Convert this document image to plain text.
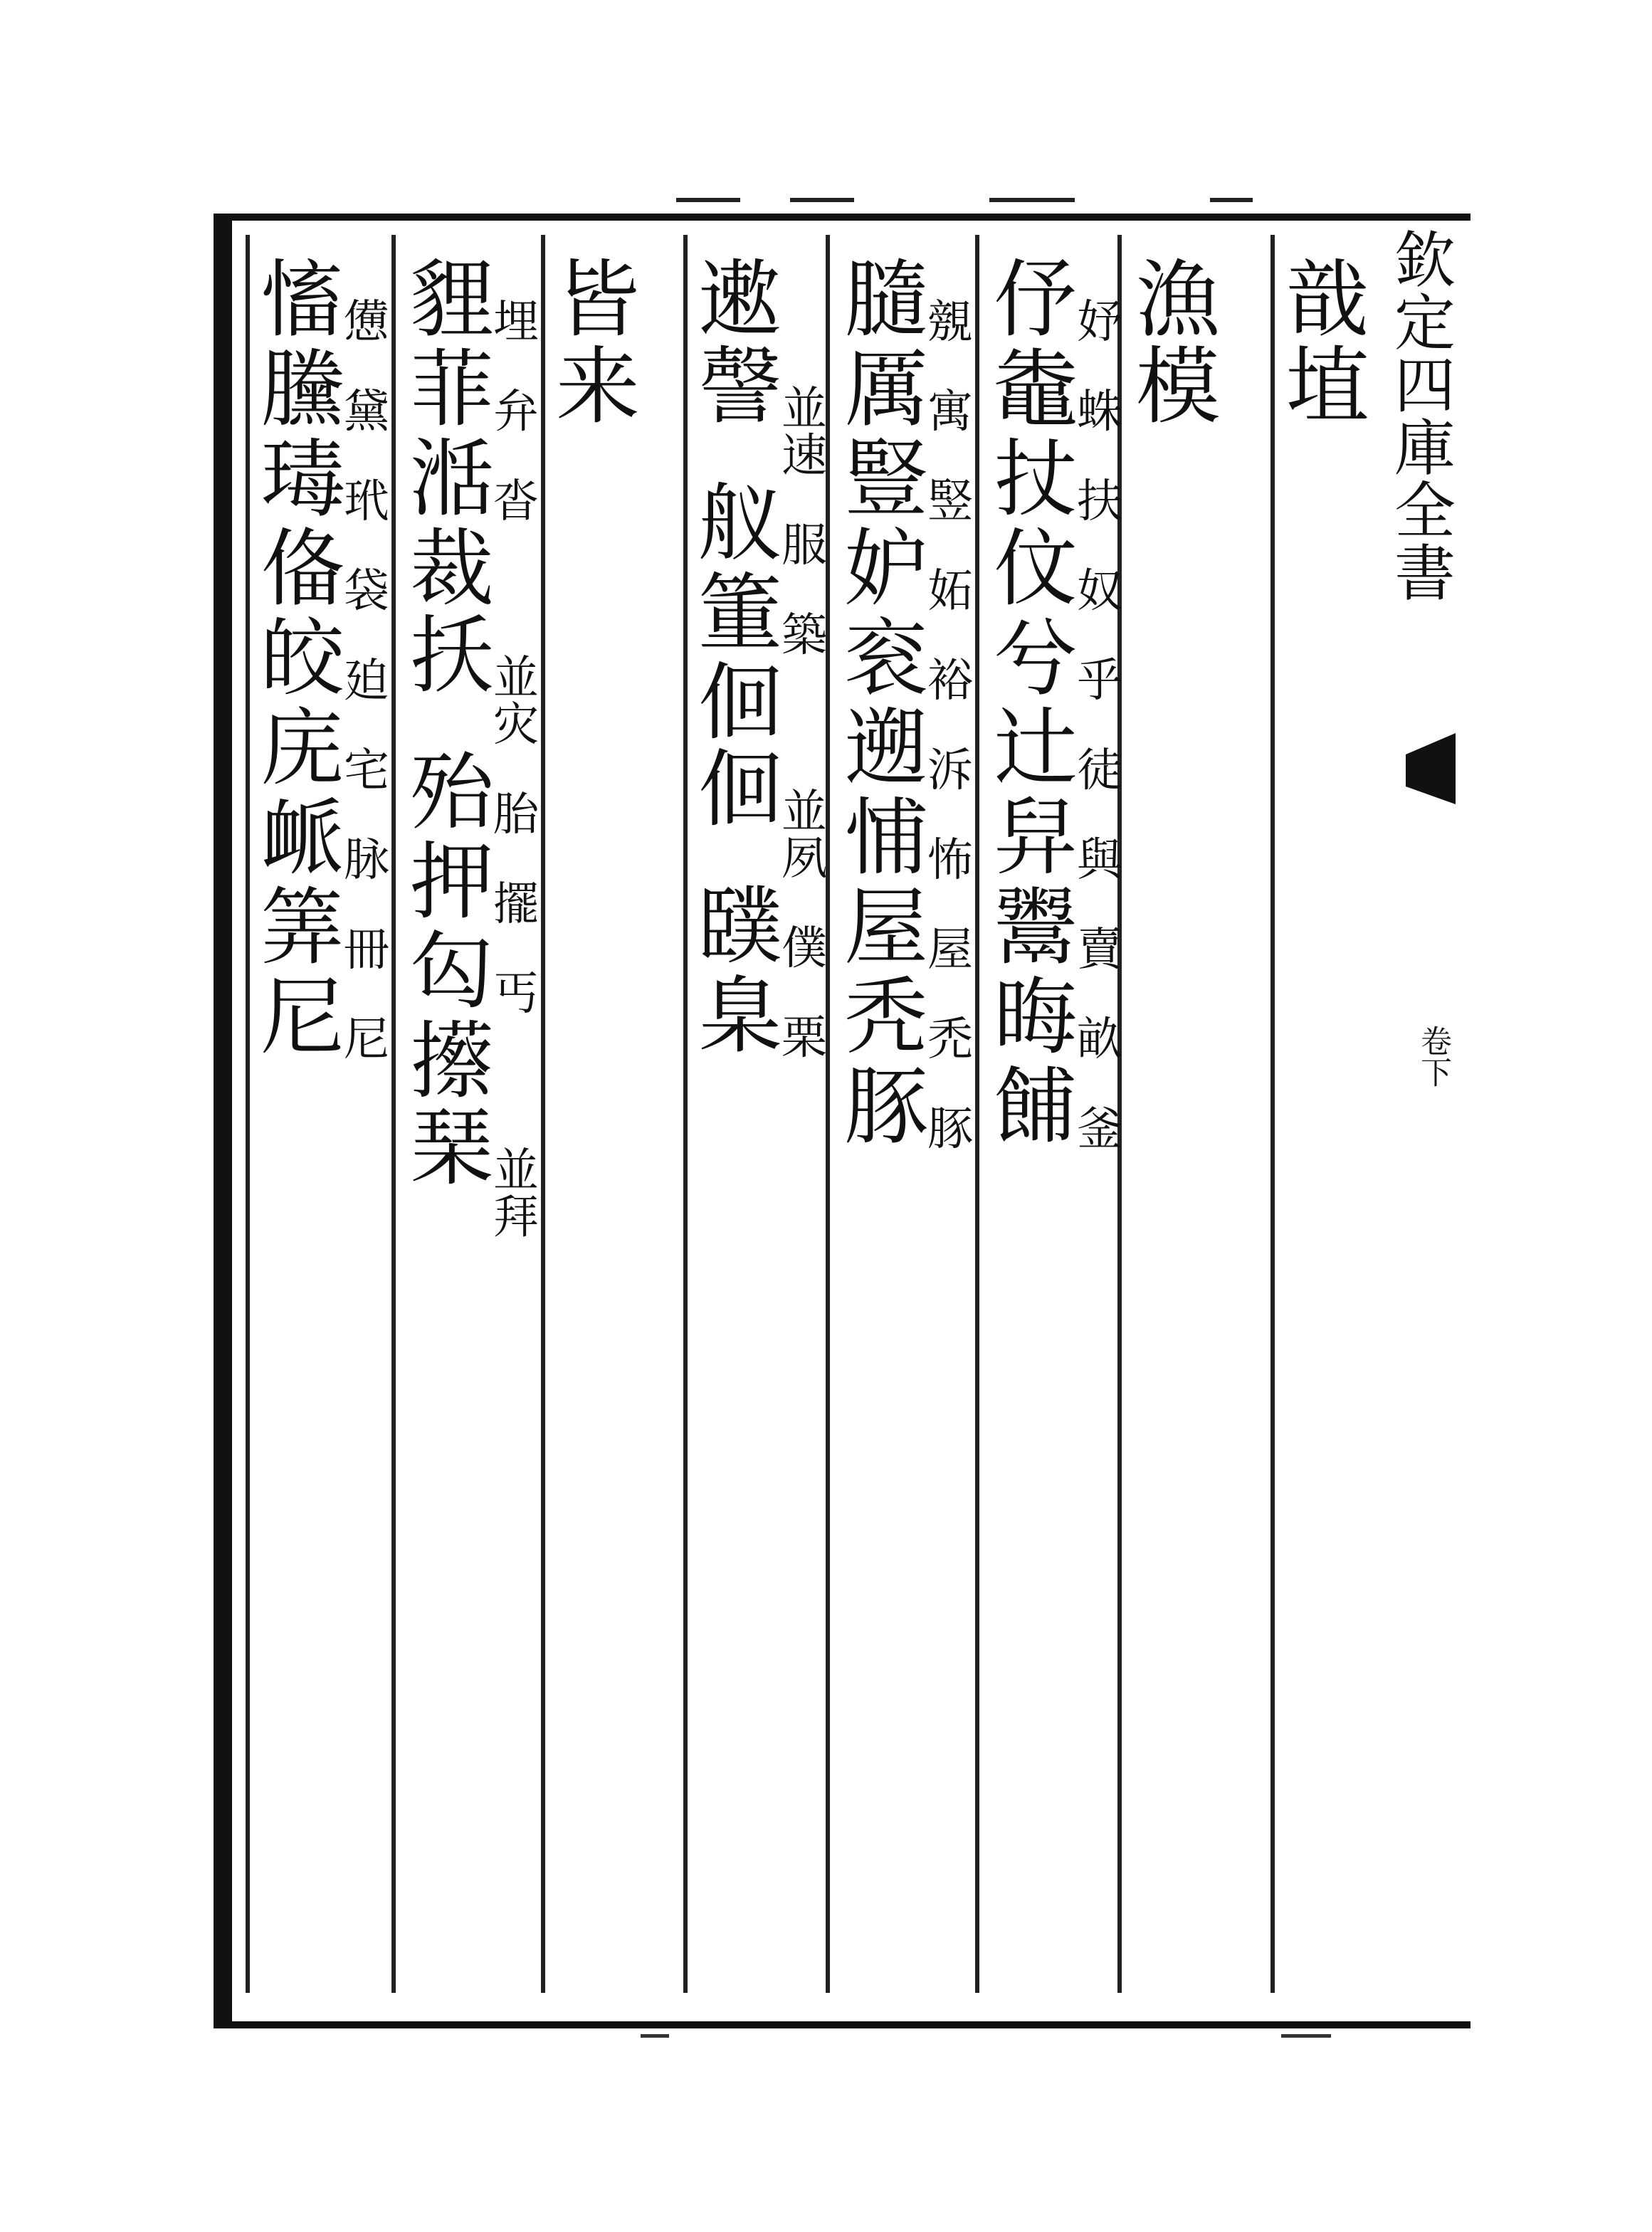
欽定四庫全書
卷下
戠
埴
漁
模
伃 妤
鼄 蛛
扙 扶
伩 奴
兮 乎
辻 徒
舁 與
鬻 賣
晦 畝
餔 釜
膸 覫
厲 寓
豎 竪
妒 妬
衮 裕
遡 泝
悑 怖
屋 屋
秃 禿
豚 豚
遬
謦 並速
舣 服
箽 築
佪
佪 並夙
䑑 僕
臬 栗
皆
来
貍 埋
菲 弁
湉 沓
裁
扷 並灾
殆 胎
押 擺
匃 丐
攃
琹 並拜
慉 憊
黱 黛
瑇 玳
俻 袋
皎 廹
庑 宅
衇 脉
筭 冊
尼 尼
